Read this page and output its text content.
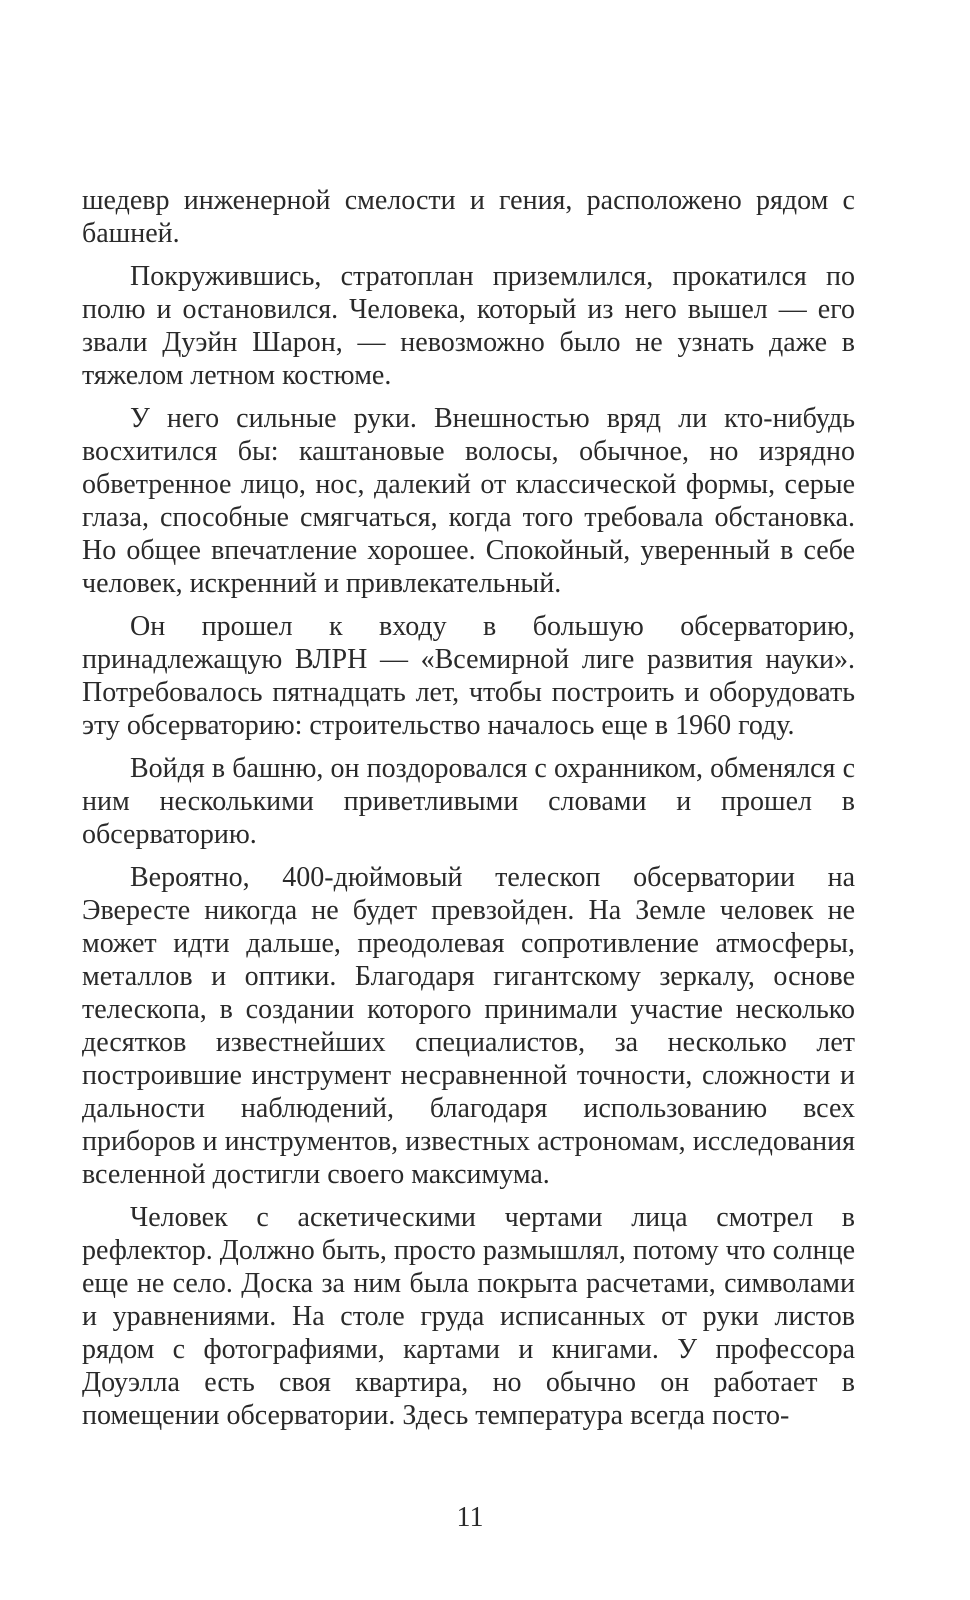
шедевр инженерной смелости и гения, расположено рядом с башней.

Покружившись, стратоплан приземлился, прокатился по полю и остановился. Человека, который из него вышел — его звали Дуэйн Шарон, — невозможно было не узнать даже в тяжелом летном костюме.

У него сильные руки. Внешностью вряд ли кто-нибудь восхитился бы: каштановые волосы, обычное, но изрядно обветренное лицо, нос, далекий от классической формы, серые глаза, способные смягчаться, когда того требовала обстановка. Но общее впечатление хорошее. Спокойный, уверенный в себе человек, искренний и привлекательный.

Он прошел к входу в большую обсерваторию, принадлежащую ВЛРН — «Всемирной лиге развития науки». Потребовалось пятнадцать лет, чтобы построить и оборудовать эту обсерваторию: строительство началось еще в 1960 году.

Войдя в башню, он поздоровался с охранником, обменялся с ним несколькими приветливыми словами и прошел в обсерваторию.

Вероятно, 400-дюймовый телескоп обсерватории на Эвересте никогда не будет превзойден. На Земле человек не может идти дальше, преодолевая сопротивление атмосферы, металлов и оптики. Благодаря гигантскому зеркалу, основе телескопа, в создании которого принимали участие несколько десятков известнейших специалистов, за несколько лет построившие инструмент несравненной точности, сложности и дальности наблюдений, благодаря использованию всех приборов и инструментов, известных астрономам, исследования вселенной достигли своего максимума.

Человек с аскетическими чертами лица смотрел в рефлектор. Должно быть, просто размышлял, потому что солнце еще не село. Доска за ним была покрыта расчетами, символами и уравнениями. На столе груда исписанных от руки листов рядом с фотографиями, картами и книгами. У профессора Доуэлла есть своя квартира, но обычно он работает в помещении обсерватории. Здесь температура всегда посто-

11
